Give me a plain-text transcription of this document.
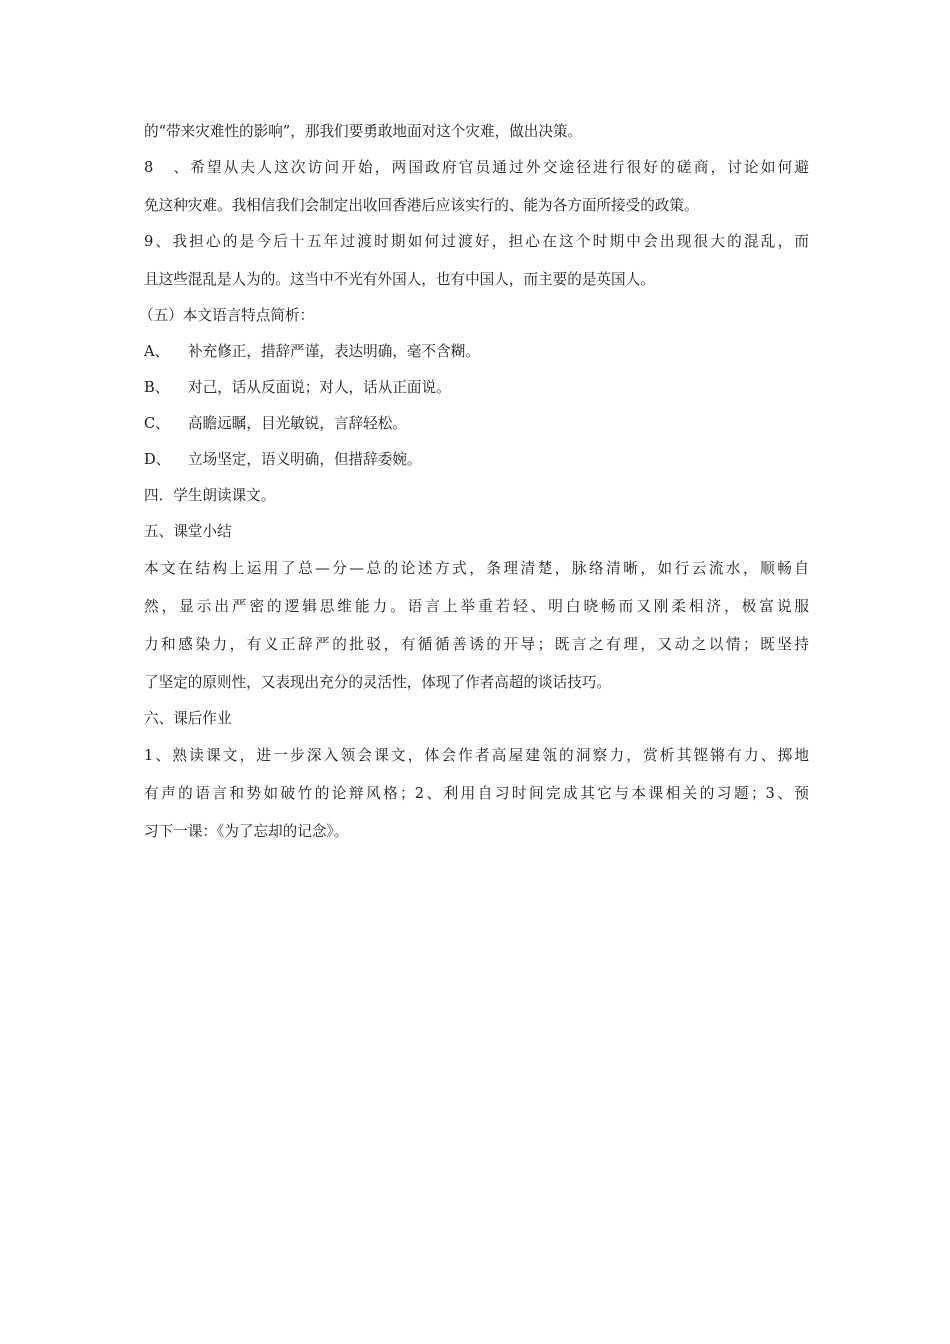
的“带来灾难性的影响”，那我们要勇敢地面对这个灾难，做出决策。
8、希望从夫人这次访问开始，两国政府官员通过外交途径进行很好的磋商，讨论如何避
免这种灾难。我相信我们会制定出收回香港后应该实行的、能为各方面所接受的政策。
9、我担心的是今后十五年过渡时期如何过渡好，担心在这个时期中会出现很大的混乱，而
且这些混乱是人为的。这当中不光有外国人，也有中国人，而主要的是英国人。
（五）本文语言特点简析：
A、 补充修正，措辞严谨，表达明确，毫不含糊。
B、 对己，话从反面说；对人，话从正面说。
C、 高瞻远瞩，目光敏锐，言辞轻松。
D、 立场坚定，语义明确，但措辞委婉。
四．学生朗读课文。
五、课堂小结
本文在结构上运用了总—分—总的论述方式，条理清楚，脉络清晰，如行云流水，顺畅自
然，显示出严密的逻辑思维能力。语言上举重若轻、明白晓畅而又刚柔相济，极富说服
力和感染力，有义正辞严的批驳，有循循善诱的开导；既言之有理，又动之以情；既坚持
了坚定的原则性，又表现出充分的灵活性，体现了作者高超的谈话技巧。
六、课后作业
1、熟读课文，进一步深入领会课文，体会作者高屋建瓴的洞察力，赏析其铿锵有力、掷地
有声的语言和势如破竹的论辩风格；2、利用自习时间完成其它与本课相关的习题；3、预
习下一课：《为了忘却的记念》。
